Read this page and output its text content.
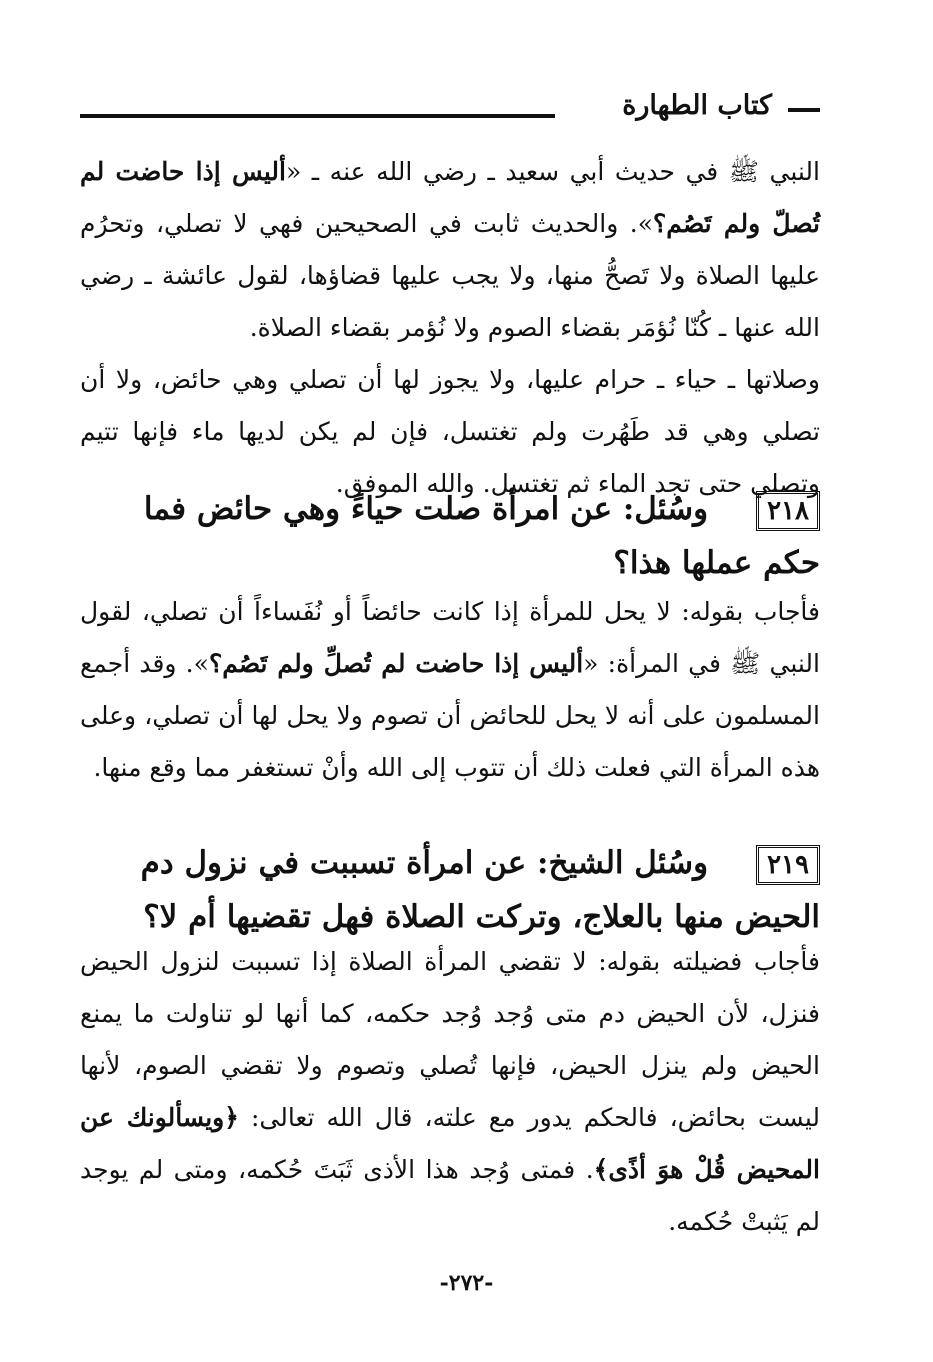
كتاب الطهارة

النبي ﷺ في حديث أبي سعيد ـ رضي الله عنه ـ «أليس إذا حاضت لم تُصلّ ولم تَصُم؟». والحديث ثابت في الصحيحين فهي لا تصلي، وتحرُم عليها الصلاة ولا تَصحُّ منها، ولا يجب عليها قضاؤها، لقول عائشة ـ رضي الله عنها ـ كُنّا نُؤمَر بقضاء الصوم ولا نُؤمر بقضاء الصلاة.

وصلاتها ـ حياء ـ حرام عليها، ولا يجوز لها أن تصلي وهي حائض، ولا أن تصلي وهي قد طَهُرت ولم تغتسل، فإن لم يكن لديها ماء فإنها تتيم وتصلي حتى تجد الماء ثم تغتسل. والله الموفق.

٢١٨وسُئل: عن امرأة صلت حياءً وهي حائض فما حكم عملها هذا؟

فأجاب بقوله: لا يحل للمرأة إذا كانت حائضاً أو نُفَساءاً أن تصلي، لقول النبي ﷺ في المرأة: «أليس إذا حاضت لم تُصلِّ ولم تَصُم؟». وقد أجمع المسلمون على أنه لا يحل للحائض أن تصوم ولا يحل لها أن تصلي، وعلى هذه المرأة التي فعلت ذلك أن تتوب إلى الله وأنْ تستغفر مما وقع منها.

٢١٩وسُئل الشيخ: عن امرأة تسببت في نزول دم الحيض منها بالعلاج، وتركت الصلاة فهل تقضيها أم لا؟

فأجاب فضيلته بقوله: لا تقضي المرأة الصلاة إذا تسببت لنزول الحيض فنزل، لأن الحيض دم متى وُجد وُجد حكمه، كما أنها لو تناولت ما يمنع الحيض ولم ينزل الحيض، فإنها تُصلي وتصوم ولا تقضي الصوم، لأنها ليست بحائض، فالحكم يدور مع علته، قال الله تعالى: ﴿ويسألونك عن المحيض قُلْ هوَ أذًى﴾. فمتى وُجد هذا الأذى ثَبَتَ حُكمه، ومتى لم يوجد لم يَثبتْ حُكمه.

-٢٧٢-
